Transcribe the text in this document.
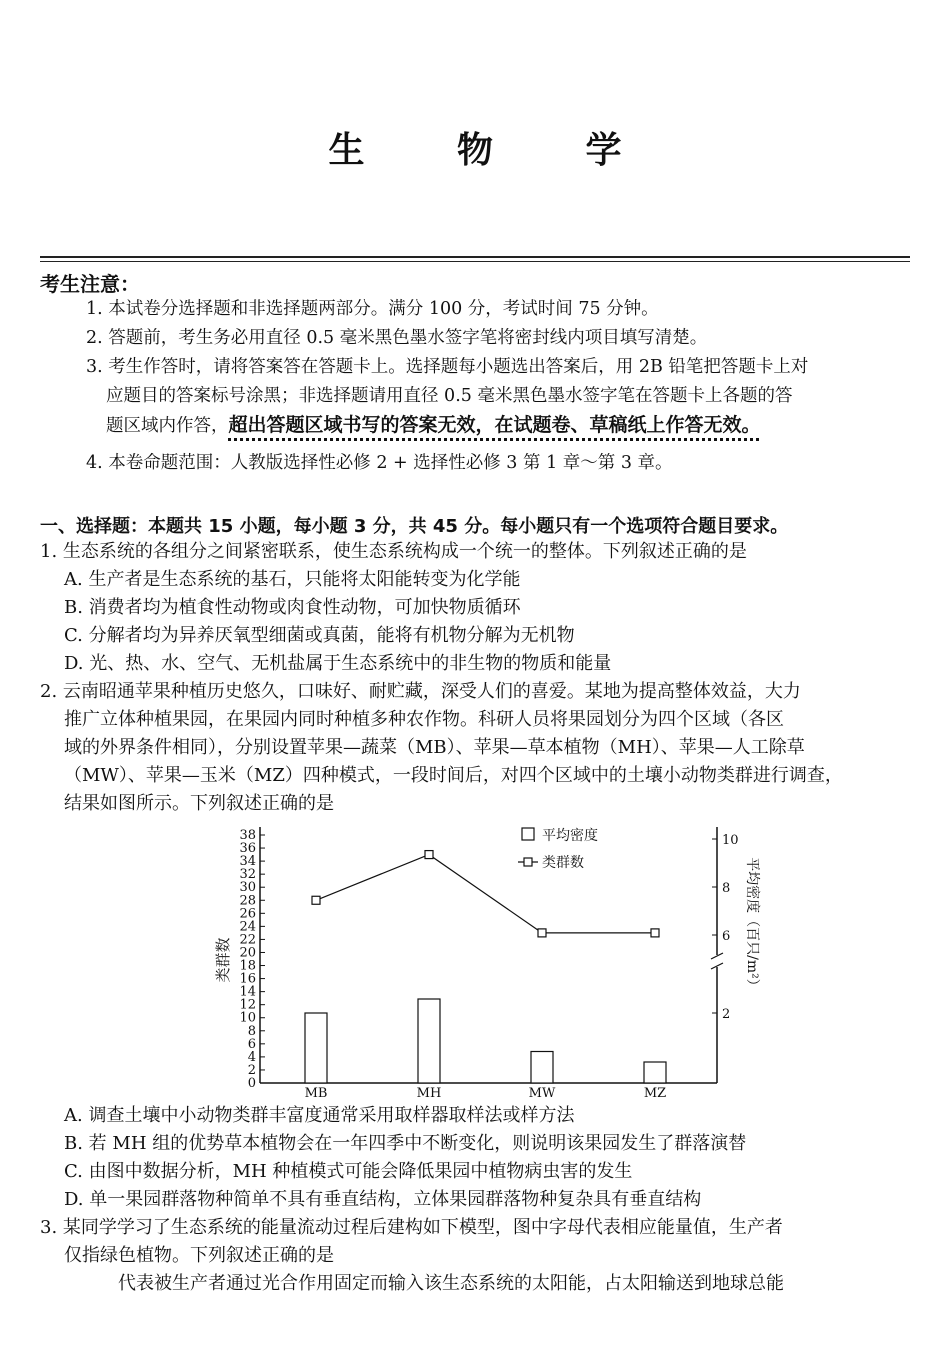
生 物 学
考生注意：
1. 本试卷分选择题和非选择题两部分。满分 100 分，考试时间 75 分钟。
2. 答题前，考生务必用直径 0.5 毫米黑色墨水签字笔将密封线内项目填写清楚。
3. 考生作答时，请将答案答在答题卡上。选择题每小题选出答案后，用 2B 铅笔把答题卡上对
应题目的答案标号涂黑；非选择题请用直径 0.5 毫米黑色墨水签字笔在答题卡上各题的答
题区域内作答，超出答题区域书写的答案无效，在试题卷、草稿纸上作答无效。
4. 本卷命题范围：人教版选择性必修 2 + 选择性必修 3 第 1 章～第 3 章。
一、选择题：本题共 15 小题，每小题 3 分，共 45 分。每小题只有一个选项符合题目要求。
1. 生态系统的各组分之间紧密联系，使生态系统构成一个统一的整体。下列叙述正确的是
A. 生产者是生态系统的基石，只能将太阳能转变为化学能
B. 消费者均为植食性动物或肉食性动物，可加快物质循环
C. 分解者均为异养厌氧型细菌或真菌，能将有机物分解为无机物
D. 光、热、水、空气、无机盐属于生态系统中的非生物的物质和能量
2. 云南昭通苹果种植历史悠久，口味好、耐贮藏，深受人们的喜爱。某地为提高整体效益，大力
推广立体种植果园，在果园内同时种植多种农作物。科研人员将果园划分为四个区域（各区
域的外界条件相同），分别设置苹果—蔬菜（MB）、苹果—草本植物（MH）、苹果—人工除草
（MW）、苹果—玉米（MZ）四种模式，一段时间后，对四个区域中的土壤小动物类群进行调查，
结果如图所示。下列叙述正确的是
0
2
4
6
8
10
12
14
16
18
20
22
24
26
28
30
32
34
36
38
2
6
8
10
类群数	平均密度（百只/m²）
MB	MH	MW	MZ
平均密度
类群数
A. 调查土壤中小动物类群丰富度通常采用取样器取样法或样方法
B. 若 MH 组的优势草本植物会在一年四季中不断变化，则说明该果园发生了群落演替
C. 由图中数据分析，MH 种植模式可能会降低果园中植物病虫害的发生
D. 单一果园群落物种简单不具有垂直结构，立体果园群落物种复杂具有垂直结构
3. 某同学学习了生态系统的能量流动过程后建构如下模型，图中字母代表相应能量值，生产者
仅指绿色植物。下列叙述正确的是
代表被生产者通过光合作用固定而输入该生态系统的太阳能，占太阳输送到地球总能
